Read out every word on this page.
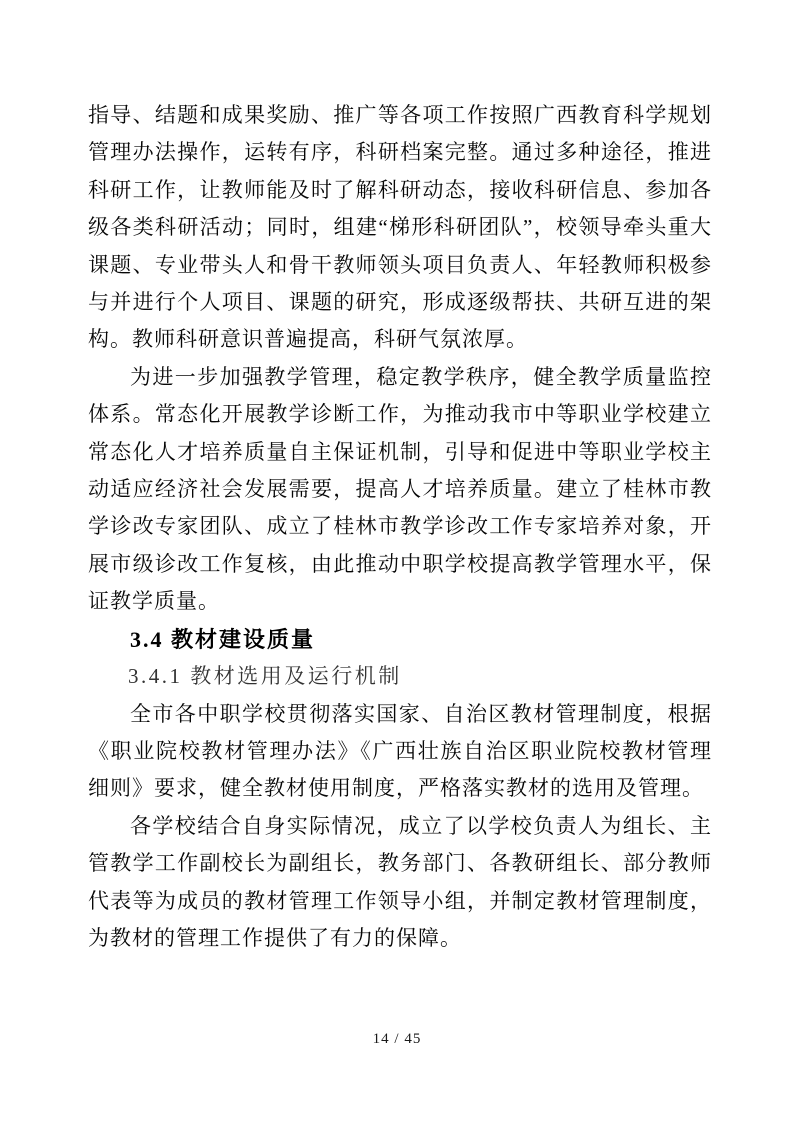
指导、结题和成果奖励、推广等各项工作按照广西教育科学规划管理办法操作，运转有序，科研档案完整。通过多种途径，推进科研工作，让教师能及时了解科研动态，接收科研信息、参加各级各类科研活动；同时，组建“梯形科研团队”，校领导牵头重大课题、专业带头人和骨干教师领头项目负责人、年轻教师积极参与并进行个人项目、课题的研究，形成逐级帮扶、共研互进的架构。教师科研意识普遍提高，科研气氛浓厚。

为进一步加强教学管理，稳定教学秩序，健全教学质量监控体系。常态化开展教学诊断工作，为推动我市中等职业学校建立常态化人才培养质量自主保证机制，引导和促进中等职业学校主动适应经济社会发展需要，提高人才培养质量。建立了桂林市教学诊改专家团队、成立了桂林市教学诊改工作专家培养对象，开展市级诊改工作复核，由此推动中职学校提高教学管理水平，保证教学质量。

3.4 教材建设质量
3.4.1 教材选用及运行机制

全市各中职学校贯彻落实国家、自治区教材管理制度，根据《职业院校教材管理办法》《广西壮族自治区职业院校教材管理细则》要求，健全教材使用制度，严格落实教材的选用及管理。

各学校结合自身实际情况，成立了以学校负责人为组长、主管教学工作副校长为副组长，教务部门、各教研组长、部分教师代表等为成员的教材管理工作领导小组，并制定教材管理制度，为教材的管理工作提供了有力的保障。

14 / 45
